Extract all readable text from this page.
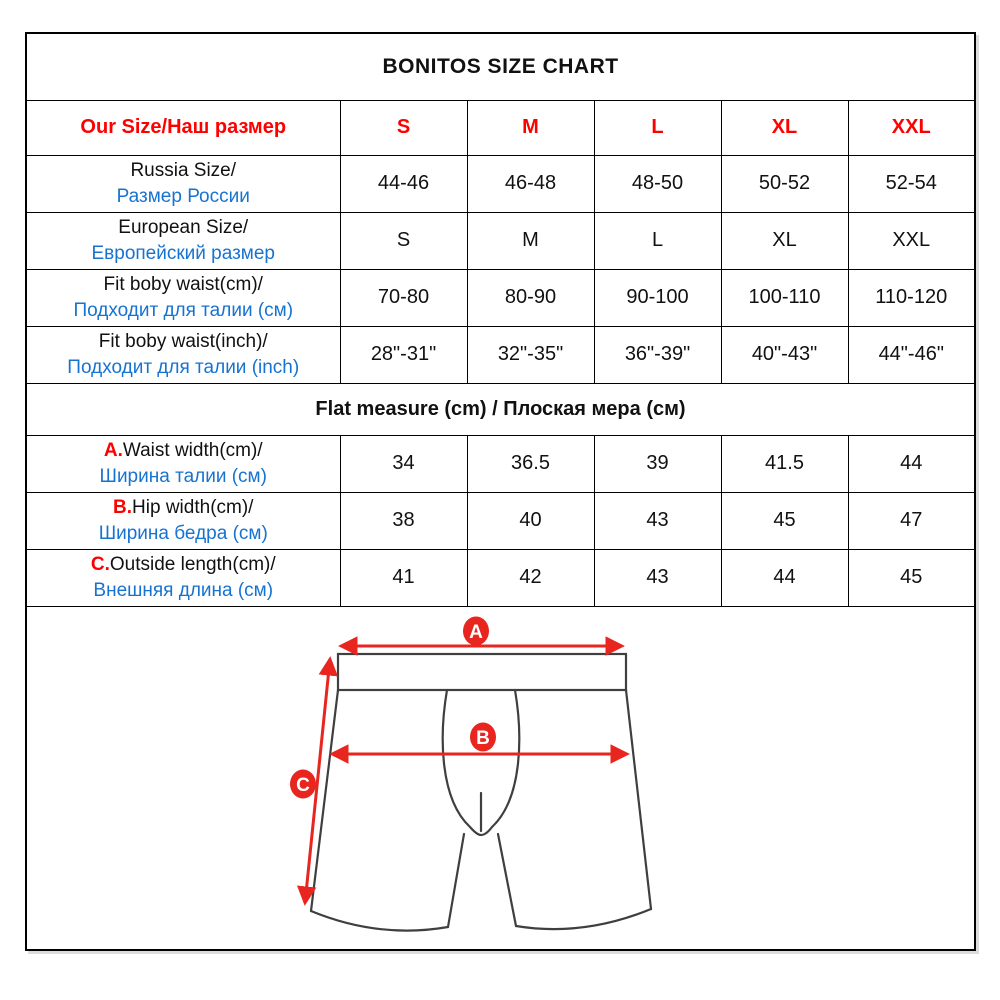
BONITOS SIZE CHART					
Our Size/Наш размер	S	M	L	XL	XXL

Russia Size/
Размер России	44-46	46-48	48-50	50-52	52-54

European Size/
Европейский размер	S	M	L	XL	XXL

Fit boby waist(cm)/
Подходит для талии (см)	70-80	80-90	90-100	100-110	110-120

Fit boby waist(inch)/
Подходит для талии (inch)	28"-31"	32"-35"	36"-39"	40"-43"	44"-46"
Flat measure (cm) / Плоская мера (см)					

A.Waist width(cm)/
Ширина талии (см)	34	36.5	39	41.5	44

B.Hip width(cm)/
Ширина бедра (см)	38	40	43	45	47

C.Outside length(cm)/
Внешняя длина (см)	41	42	43	44	45

A
B
C					
